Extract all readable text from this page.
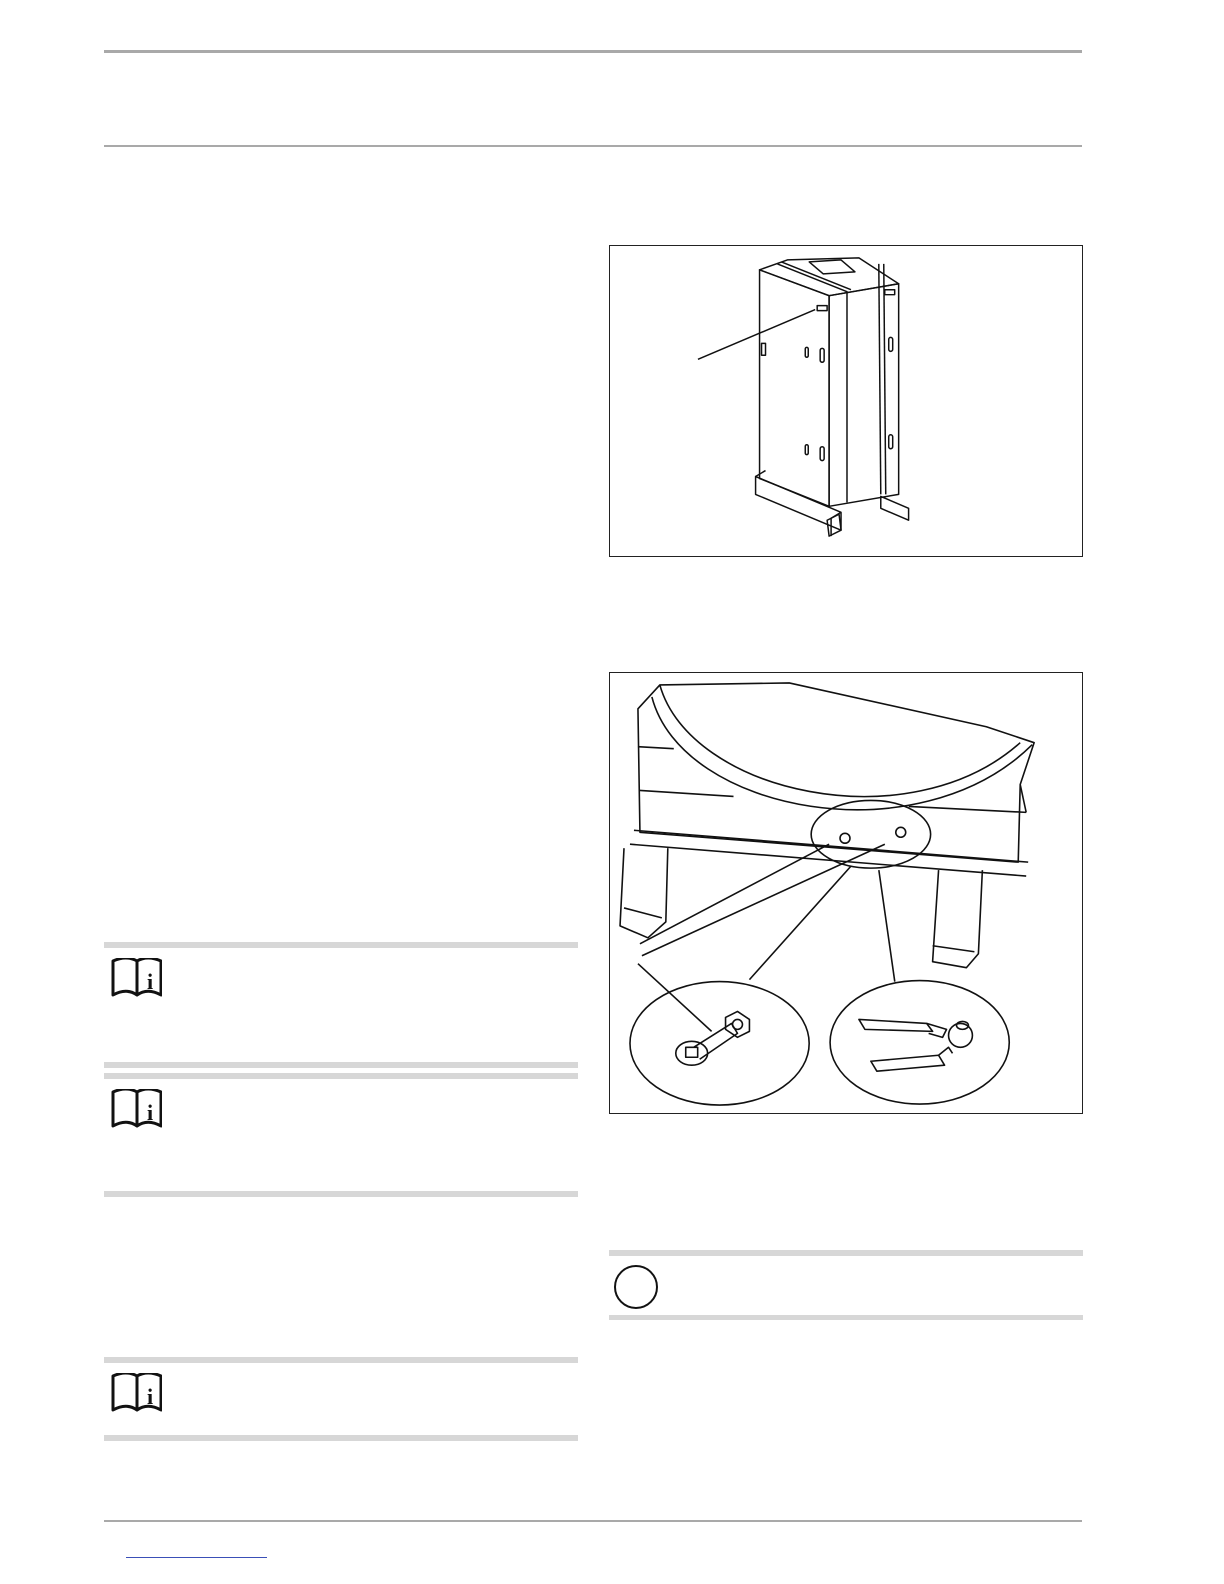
i
i
i
